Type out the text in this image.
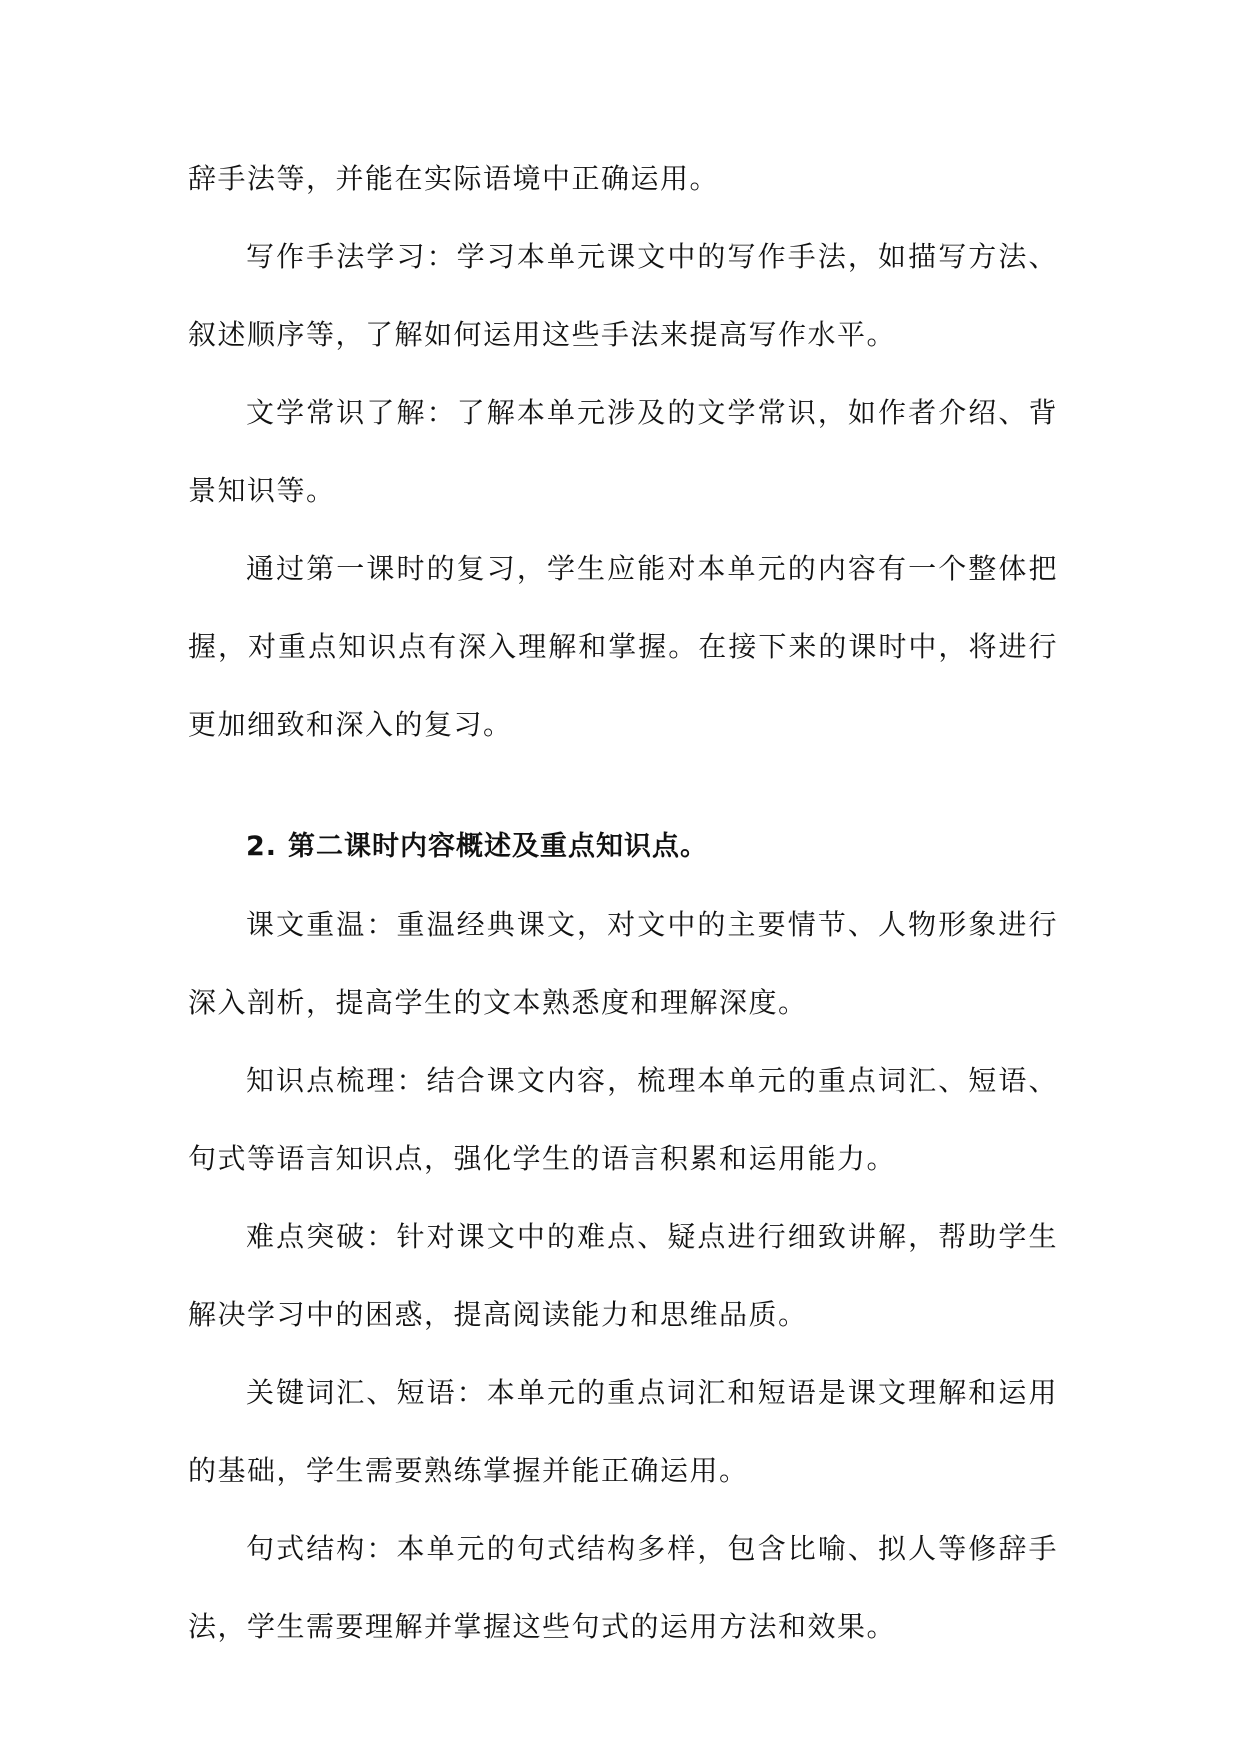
辞手法等，并能在实际语境中正确运用。

写作手法学习：学习本单元课文中的写作手法，如描写方法、叙述顺序等，了解如何运用这些手法来提高写作水平。

文学常识了解：了解本单元涉及的文学常识，如作者介绍、背景知识等。

通过第一课时的复习，学生应能对本单元的内容有一个整体把握，对重点知识点有深入理解和掌握。在接下来的课时中，将进行更加细致和深入的复习。

2. 第二课时内容概述及重点知识点。

课文重温：重温经典课文，对文中的主要情节、人物形象进行深入剖析，提高学生的文本熟悉度和理解深度。

知识点梳理：结合课文内容，梳理本单元的重点词汇、短语、句式等语言知识点，强化学生的语言积累和运用能力。

难点突破：针对课文中的难点、疑点进行细致讲解，帮助学生解决学习中的困惑，提高阅读能力和思维品质。

关键词汇、短语：本单元的重点词汇和短语是课文理解和运用的基础，学生需要熟练掌握并能正确运用。

句式结构：本单元的句式结构多样，包含比喻、拟人等修辞手法，学生需要理解并掌握这些句式的运用方法和效果。
